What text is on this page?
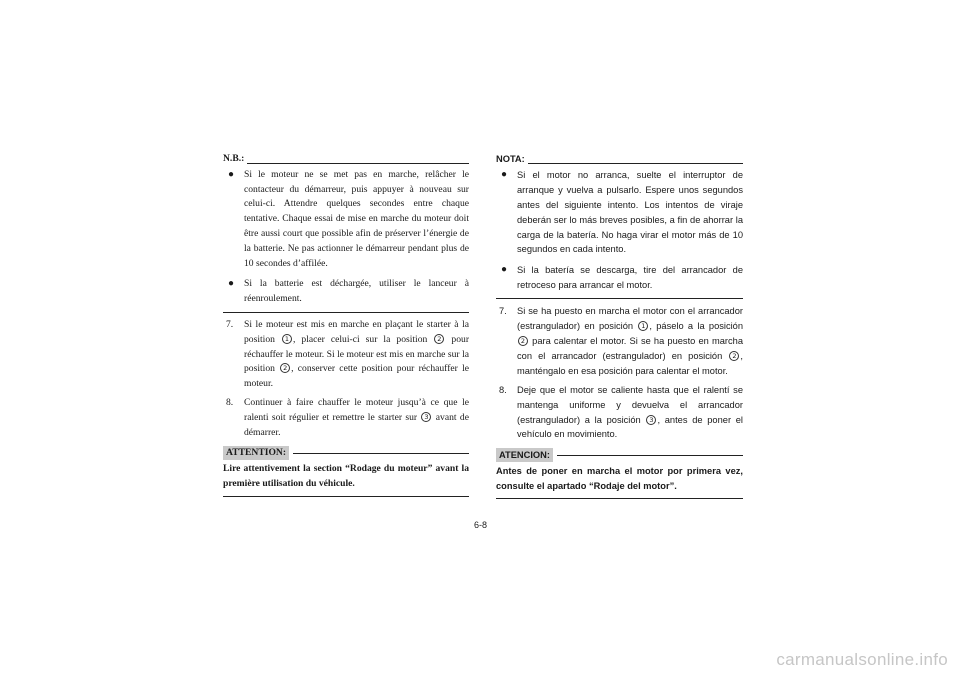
N.B.:
● Si le moteur ne se met pas en marche, relâcher le contacteur du démarreur, puis appuyer à nouveau sur celui-ci. Attendre quelques secondes entre chaque tentative. Chaque essai de mise en marche du moteur doit être aussi court que possible afin de préserver l’énergie de la batterie. Ne pas actionner le démarreur pendant plus de 10 secondes d’affilée.
● Si la batterie est déchargée, utiliser le lanceur à réenroulement.
7. Si le moteur est mis en marche en plaçant le starter à la position 1 , placer celui-ci sur la position 2 pour réchauffer le moteur. Si le moteur est mis en marche sur la position 2 , conserver cette position pour réchauffer le moteur.
8. Continuer à faire chauffer le moteur jusqu’à ce que le ralenti soit régulier et remettre le starter sur 3 avant de démarrer.
ATTENTION:
Lire attentivement la section “Rodage du moteur” avant la première utilisation du véhicule.
NOTA:
● Si el motor no arranca, suelte el interruptor de arranque y vuelva a pulsarlo. Espere unos segundos antes del siguiente intento. Los intentos de viraje deberán ser lo más breves posibles, a fin de ahorrar la carga de la batería. No haga virar el motor más de 10 segundos en cada intento.
● Si la batería se descarga, tire del arrancador de retroceso para arrancar el motor.
7. Si se ha puesto en marcha el motor con el arrancador (estrangulador) en posición 1 , páselo a la posición 2 para calentar el motor. Si se ha puesto en marcha con el arrancador (estrangulador) en posición 2 , manténgalo en esa posición para calentar el motor.
8. Deje que el motor se caliente hasta que el ralentí se mantenga uniforme y devuelva el arrancador (estrangulador) a la posición 3 , antes de poner el vehículo en movimiento.
ATENCION:
Antes de poner en marcha el motor por primera vez, consulte el apartado “Rodaje del motor”.
6-8
carmanualsonline.info
